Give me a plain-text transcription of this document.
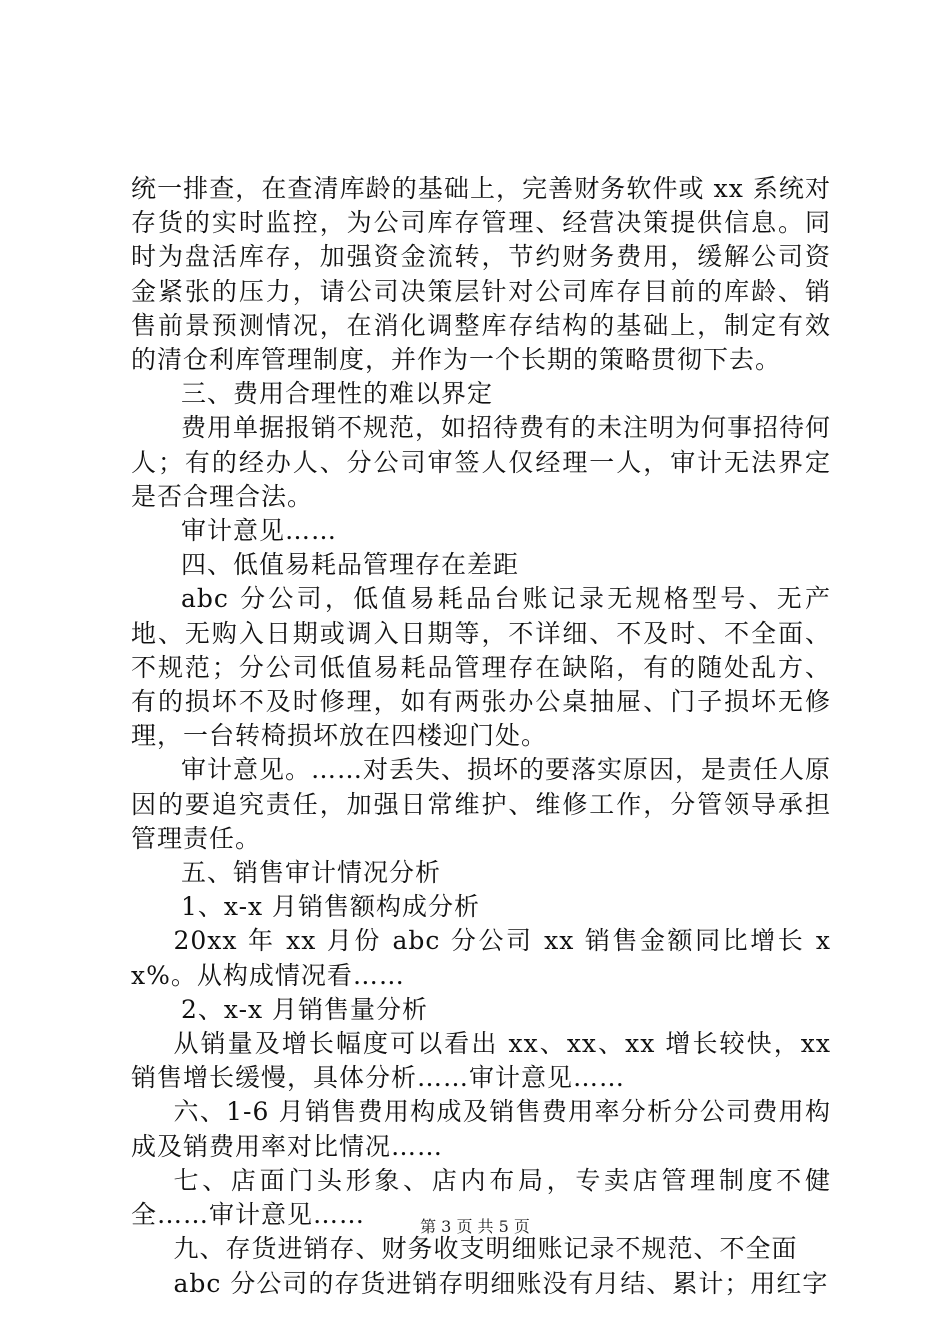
统一排查，在查清库龄的基础上，完善财务软件或 xx 系统对存货的实时监控，为公司库存管理、经营决策提供信息。同时为盘活库存，加强资金流转，节约财务费用，缓解公司资金紧张的压力，请公司决策层针对公司库存目前的库龄、销售前景预测情况，在消化调整库存结构的基础上，制定有效的清仓利库管理制度，并作为一个长期的策略贯彻下去。

三、费用合理性的难以界定

费用单据报销不规范，如招待费有的未注明为何事招待何人；有的经办人、分公司审签人仅经理一人，审计无法界定是否合理合法。

审计意见……

四、低值易耗品管理存在差距

abc 分公司，低值易耗品台账记录无规格型号、无产地、无购入日期或调入日期等，不详细、不及时、不全面、不规范；分公司低值易耗品管理存在缺陷，有的随处乱方、有的损坏不及时修理，如有两张办公桌抽屉、门子损坏无修理，一台转椅损坏放在四楼迎门处。

审计意见。……对丢失、损坏的要落实原因，是责任人原因的要追究责任，加强日常维护、维修工作，分管领导承担管理责任。

五、销售审计情况分析

1、x-x 月销售额构成分析

20xx 年 xx 月份 abc 分公司 xx 销售金额同比增长 xx%。从构成情况看……

2、x-x 月销售量分析

从销量及增长幅度可以看出 xx、xx、xx 增长较快，xx 销售增长缓慢，具体分析……审计意见……

六、1-6 月销售费用构成及销售费用率分析分公司费用构成及销费用率对比情况……

七、店面门头形象、店内布局，专卖店管理制度不健全……审计意见……

九、存货进销存、财务收支明细账记录不规范、不全面

abc 分公司的存货进销存明细账没有月结、累计；用红字

第 3 页 共 5 页
